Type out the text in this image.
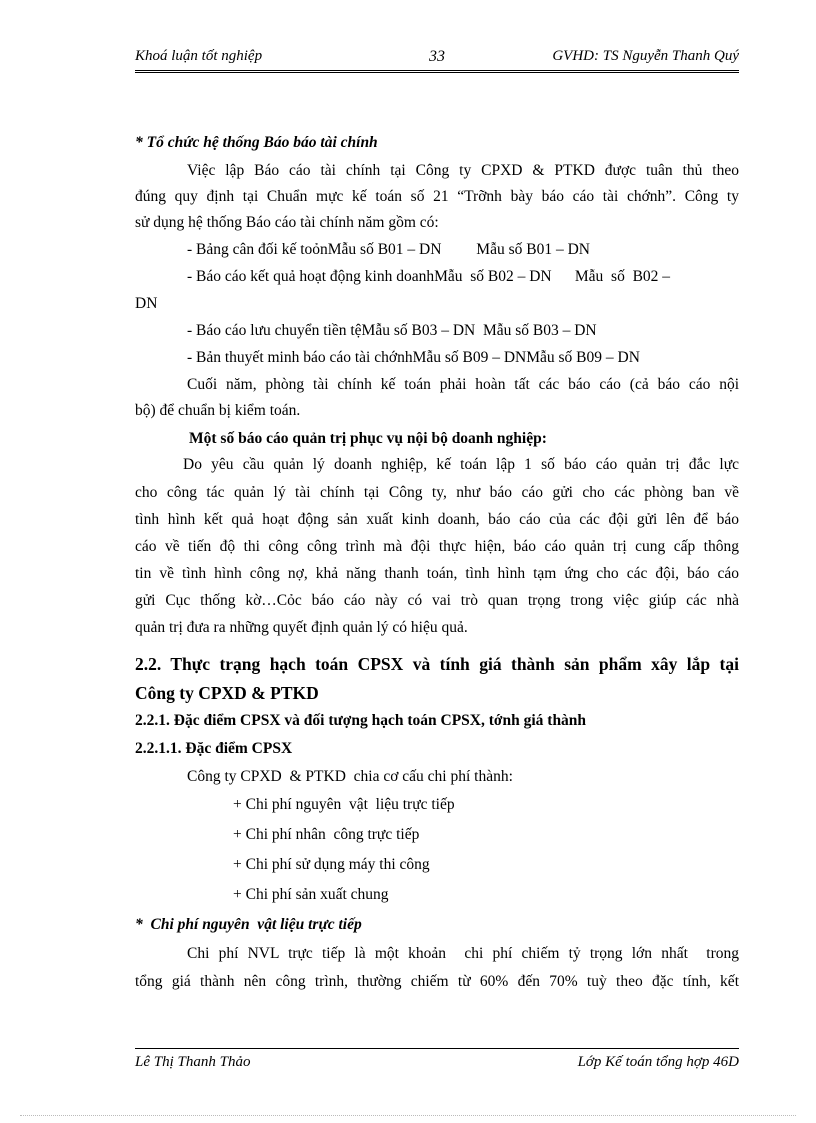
Khoá luận tốt nghiệp	33	GVHD: TS Nguyễn Thanh Quý
* Tổ chức hệ thống Báo báo tài chính
Việc lập Báo cáo tài chính tại Công ty CPXD & PTKD được tuân thủ theo
đúng quy định tại Chuẩn mực kế toán số 21 “Trỡnh bày báo cáo tài chớnh”. Công ty
sử dụng hệ thống Báo cáo tài chính năm gồm có:
- Bảng cân đối kế toỏnMẫu số B01 – DN         Mẫu số B01 – DN
- Báo cáo kết quả hoạt động kinh doanhMẫu  số B02 – DN      Mẫu  số  B02 –
DN
- Báo cáo lưu chuyển tiền tệMẫu số B03 – DN  Mẫu số B03 – DN
- Bản thuyết minh báo cáo tài chớnhMẫu số B09 – DNMẫu số B09 – DN
Cuối năm, phòng tài chính kế toán phải hoàn tất các báo cáo (cả báo cáo nội
bộ) để chuẩn bị kiểm toán.
Một số báo cáo quản trị phục vụ nội bộ doanh nghiệp:
Do yêu cầu quản lý doanh nghiệp, kế toán lập 1 số báo cáo quản trị đắc lực
cho công tác quản lý tài chính tại Công ty, như báo cáo gửi cho các phòng ban về
tình hình kết quả hoạt động sản xuất kinh doanh, báo cáo của các đội gửi lên để báo
cáo về tiến độ thi công công trình mà đội thực hiện, báo cáo quản trị cung cấp thông
tin về tình hình công nợ, khả năng thanh toán, tình hình tạm ứng cho các đội, báo cáo
gửi Cục thống kờ…Cỏc báo cáo này có vai trò quan trọng trong việc giúp các nhà
quản trị đưa ra những quyết định quản lý có hiệu quả.
2.2. Thực trạng hạch toán CPSX và tính giá thành sản phẩm xây lắp tại
Công ty CPXD & PTKD
2.2.1. Đặc điểm CPSX và đối tượng hạch toán CPSX, tớnh giá thành
2.2.1.1. Đặc điểm CPSX
Công ty CPXD  & PTKD  chia cơ cấu chi phí thành:
+ Chi phí nguyên  vật  liệu trực tiếp
+ Chi phí nhân  công trực tiếp
+ Chi phí sử dụng máy thi công
+ Chi phí sản xuất chung
*  Chi phí nguyên  vật liệu trực tiếp
Chi phí NVL trực tiếp là một khoản  chi phí chiếm tỷ trọng lớn nhất  trong
tổng giá thành nên công trình, thường chiếm từ 60% đến 70% tuỳ theo đặc tính, kết
Lê Thị Thanh Thảo	Lớp Kế toán tổng hợp 46D
